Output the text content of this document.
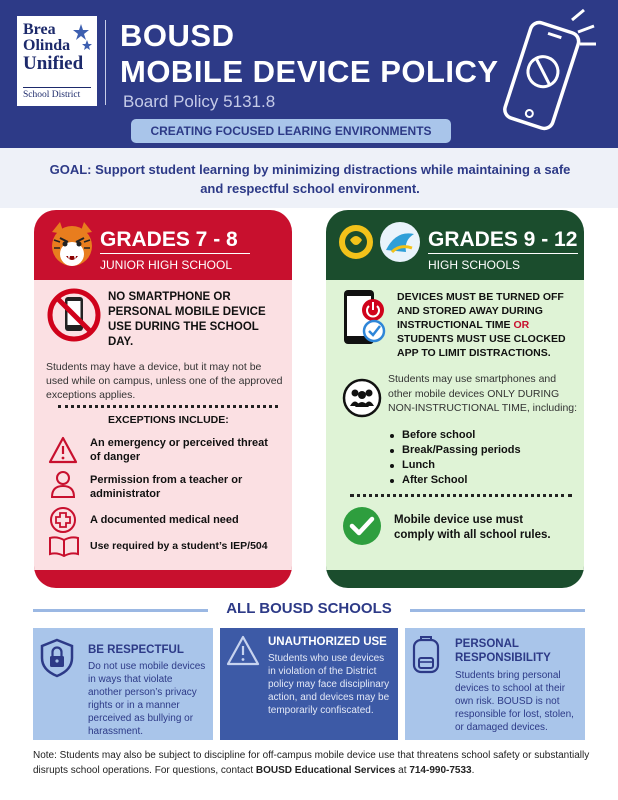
Brea
Olinda
Unified
School District
BOUSD
MOBILE DEVICE POLICY
Board Policy 5131.8
CREATING FOCUSED LEARING ENVIRONMENTS
GOAL: Support student learning by minimizing distractions while maintaining a safe and respectful school environment.
GRADES 7 - 8
JUNIOR HIGH SCHOOL
NO SMARTPHONE OR PERSONAL MOBILE DEVICE USE DURING THE SCHOOL DAY.
Students may have a device, but it may not be used while on campus, unless one of the approved exceptions applies.
EXCEPTIONS INCLUDE:
An emergency or perceived threat of danger
Permission from a teacher or administrator
A documented medical need
Use required by a student’s IEP/504
GRADES 9 - 12
HIGH SCHOOLS
DEVICES MUST BE TURNED OFF AND STORED AWAY DURING INSTRUCTIONAL TIME OR STUDENTS MUST USE CLOCKED APP TO LIMIT DISTRACTIONS.
Students may use smartphones and other mobile devices ONLY DURING NON-INSTRUCTIONAL TIME, including:
Before school
Break/Passing periods
Lunch
After School
Mobile device use must comply with all school rules.
ALL BOUSD SCHOOLS
BE RESPECTFUL
Do not use mobile devices in ways that violate another person’s privacy rights or in a manner perceived as bullying or harassment.
UNAUTHORIZED USE
Students who use devices in violation of the District policy may face disciplinary action, and devices may be temporarily confiscated.
PERSONAL RESPONSIBILITY
Students bring personal devices to school at their own risk. BOUSD is not responsible for lost, stolen, or damaged devices.
Note: Students may also be subject to discipline for off-campus mobile device use that threatens school safety or substantially disrupts school operations. For questions, contact BOUSD Educational Services at 714-990-7533.
